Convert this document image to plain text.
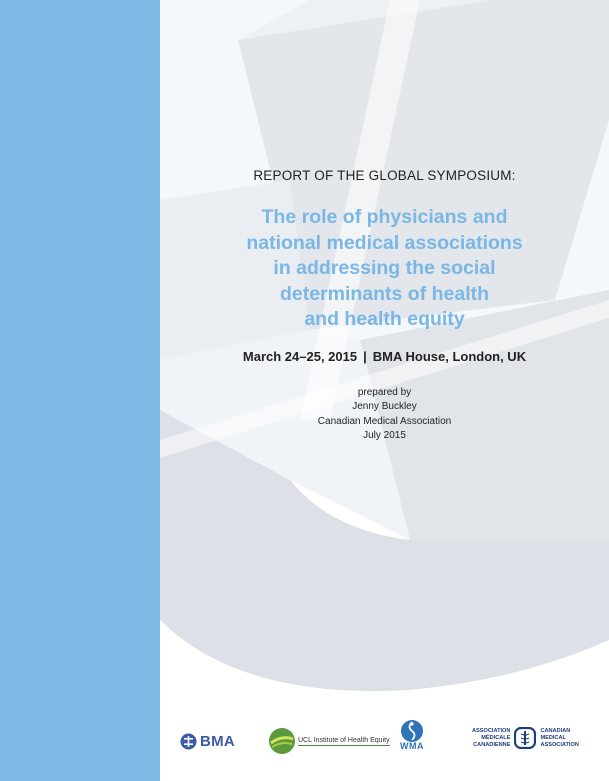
REPORT OF THE GLOBAL SYMPOSIUM:

The role of physicians and
national medical associations
in addressing the social
determinants of health
and health equity
March 24–25, 2015 | BMA House, London, UK
prepared by
Jenny Buckley
Canadian Medical Association
July 2015
BMA	UCL Institute of Health Equity
WMA
ASSOCIATION
MÉDICALE
CANADIENNE
CANADIAN
MEDICAL
ASSOCIATION
